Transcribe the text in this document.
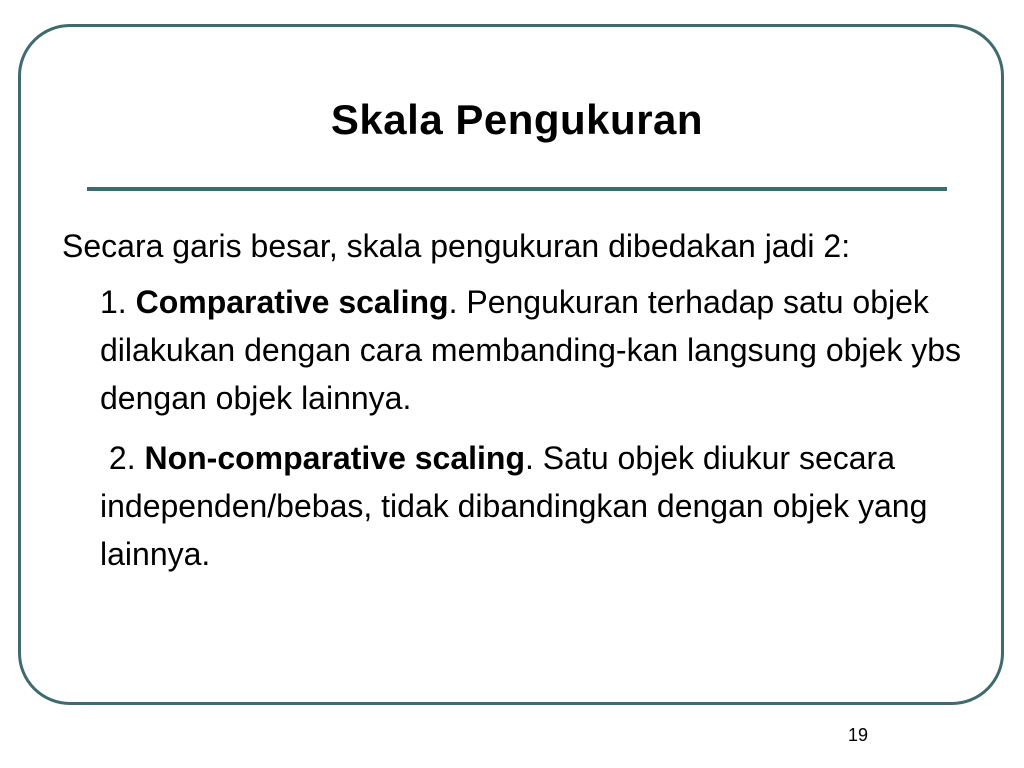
Skala Pengukuran

Secara garis besar, skala pengukuran dibedakan jadi 2:

1. Comparative scaling. Pengukuran terhadap satu objek dilakukan dengan cara membanding-kan langsung objek ybs dengan objek lainnya.

2. Non-comparative scaling. Satu objek diukur secara independen/bebas, tidak dibandingkan dengan objek yang lainnya.

19
